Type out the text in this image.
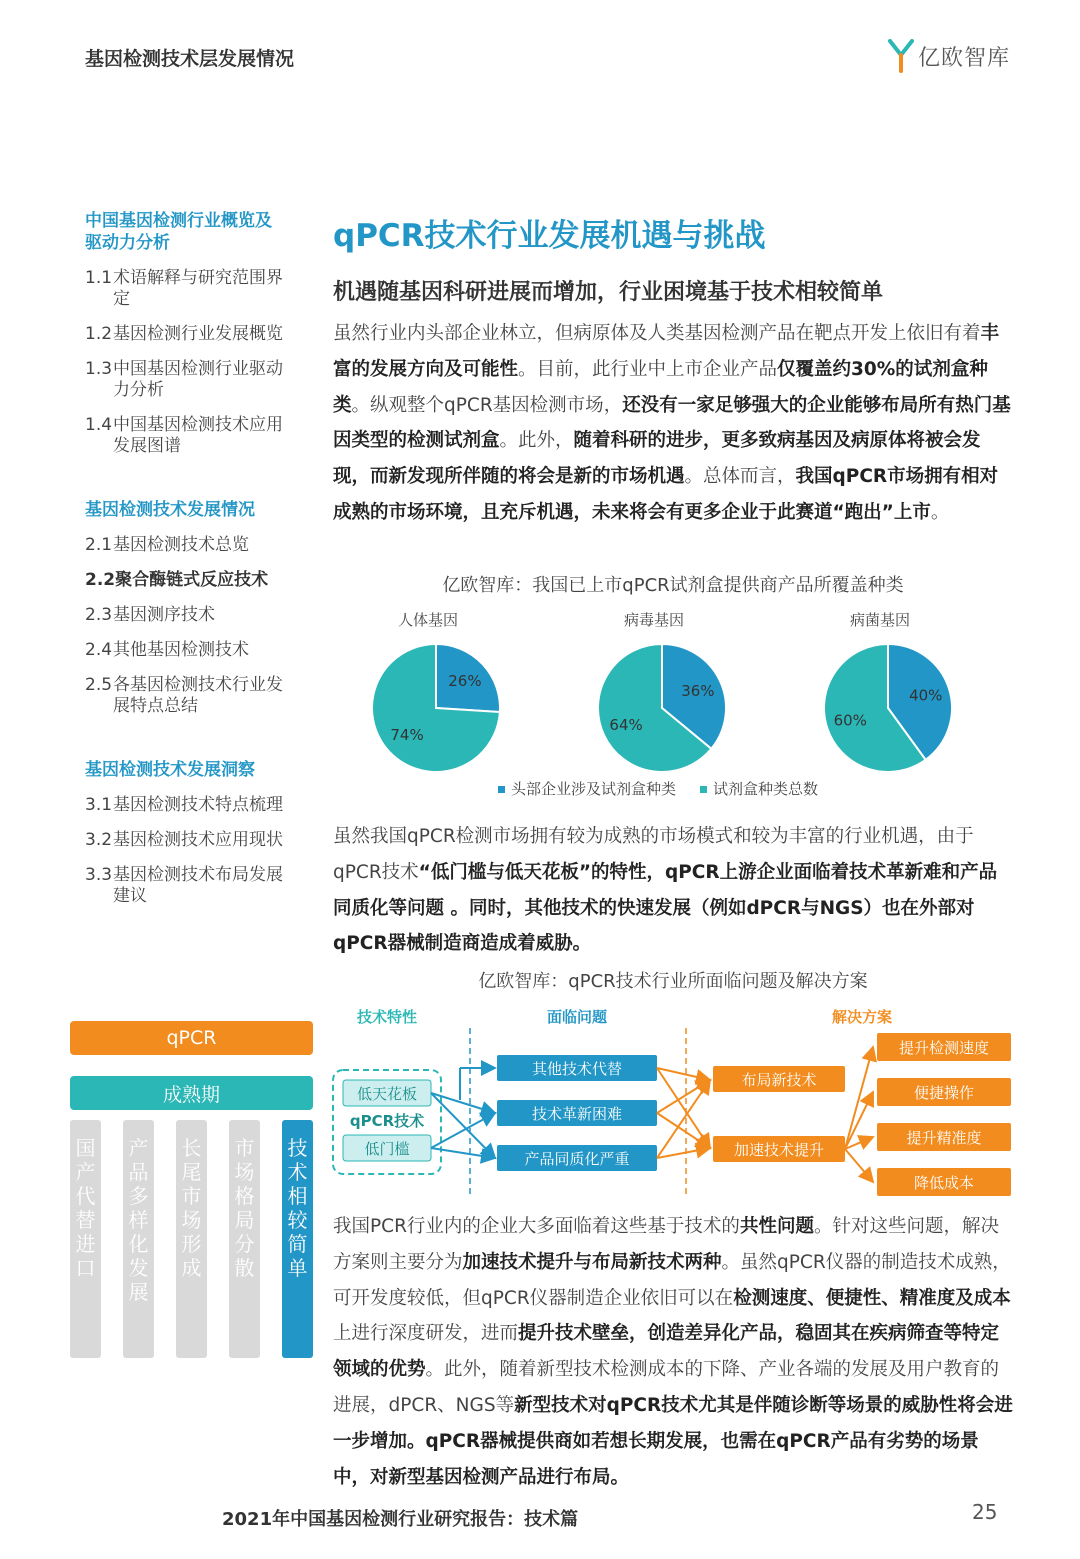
基因检测技术层发展情况	亿欧智库
中国基因检测行业概览及
驱动力分析
1.1 术语解释与研究范围界
定
1.2 基因检测行业发展概览
1.3 中国基因检测行业驱动
力分析
1.4 中国基因检测技术应用
发展图谱
基因检测技术发展情况
2.1 基因检测技术总览
2.2 聚合酶链式反应技术
2.3 基因测序技术
2.4 其他基因检测技术
2.5 各基因检测技术行业发
展特点总结
基因检测技术发展洞察
3.1 基因检测技术特点梳理
3.2 基因检测技术应用现状
3.3 基因检测技术布局发展
建议
qPCR技术行业发展机遇与挑战
机遇随基因科研进展而增加，行业困境基于技术相较简单
虽然行业内头部企业林立，但病原体及人类基因检测产品在靶点开发上依旧有着丰富的发展方向及可能性。目前，此行业中上市企业产品仅覆盖约30%的试剂盒种类。纵观整个qPCR基因检测市场，还没有一家足够强大的企业能够布局所有热门基因类型的检测试剂盒。此外，随着科研的进步，更多致病基因及病原体将被会发现，而新发现所伴随的将会是新的市场机遇。总体而言，我国qPCR市场拥有相对成熟的市场环境，且充斥机遇，未来将会有更多企业于此赛道“跑出”上市。
亿欧智库：我国已上市qPCR试剂盒提供商产品所覆盖种类
人体基因
26%
74%
病毒基因
36%
64%
病菌基因
40%
60%
头部企业涉及试剂盒种类	试剂盒种类总数
虽然我国qPCR检测市场拥有较为成熟的市场模式和较为丰富的行业机遇，由于qPCR技术“低门槛与低天花板”的特性，qPCR上游企业面临着技术革新难和产品同质化等问题 。同时，其他技术的快速发展（例如dPCR与NGS）也在外部对qPCR器械制造商造成着威胁。
亿欧智库：qPCR技术行业所面临问题及解决方案
技术特性	面临问题	解决方案
低天花板
qPCR技术
低门槛
其他技术代替
技术革新困难
产品同质化严重
布局新技术
加速技术提升
提升检测速度
便捷操作
提升精准度
降低成本
qPCR
成熟期
国
产
代
替
进
口
产
品
多
样
化
发
展
长
尾
市
场
形
成
市
场
格
局
分
散
技
术
相
较
简
单
我国PCR行业内的企业大多面临着这些基于技术的共性问题。针对这些问题，解决方案则主要分为加速技术提升与布局新技术两种。虽然qPCR仪器的制造技术成熟，可开发度较低，但qPCR仪器制造企业依旧可以在检测速度、便捷性、精准度及成本上进行深度研发，进而提升技术壁垒，创造差异化产品，稳固其在疾病筛查等特定领域的优势。此外，随着新型技术检测成本的下降、产业各端的发展及用户教育的进展，dPCR、NGS等新型技术对qPCR技术尤其是伴随诊断等场景的威胁性将会进一步增加。qPCR器械提供商如若想长期发展，也需在qPCR产品有劣势的场景中，对新型基因检测产品进行布局。
2021年中国基因检测行业研究报告：技术篇	25
